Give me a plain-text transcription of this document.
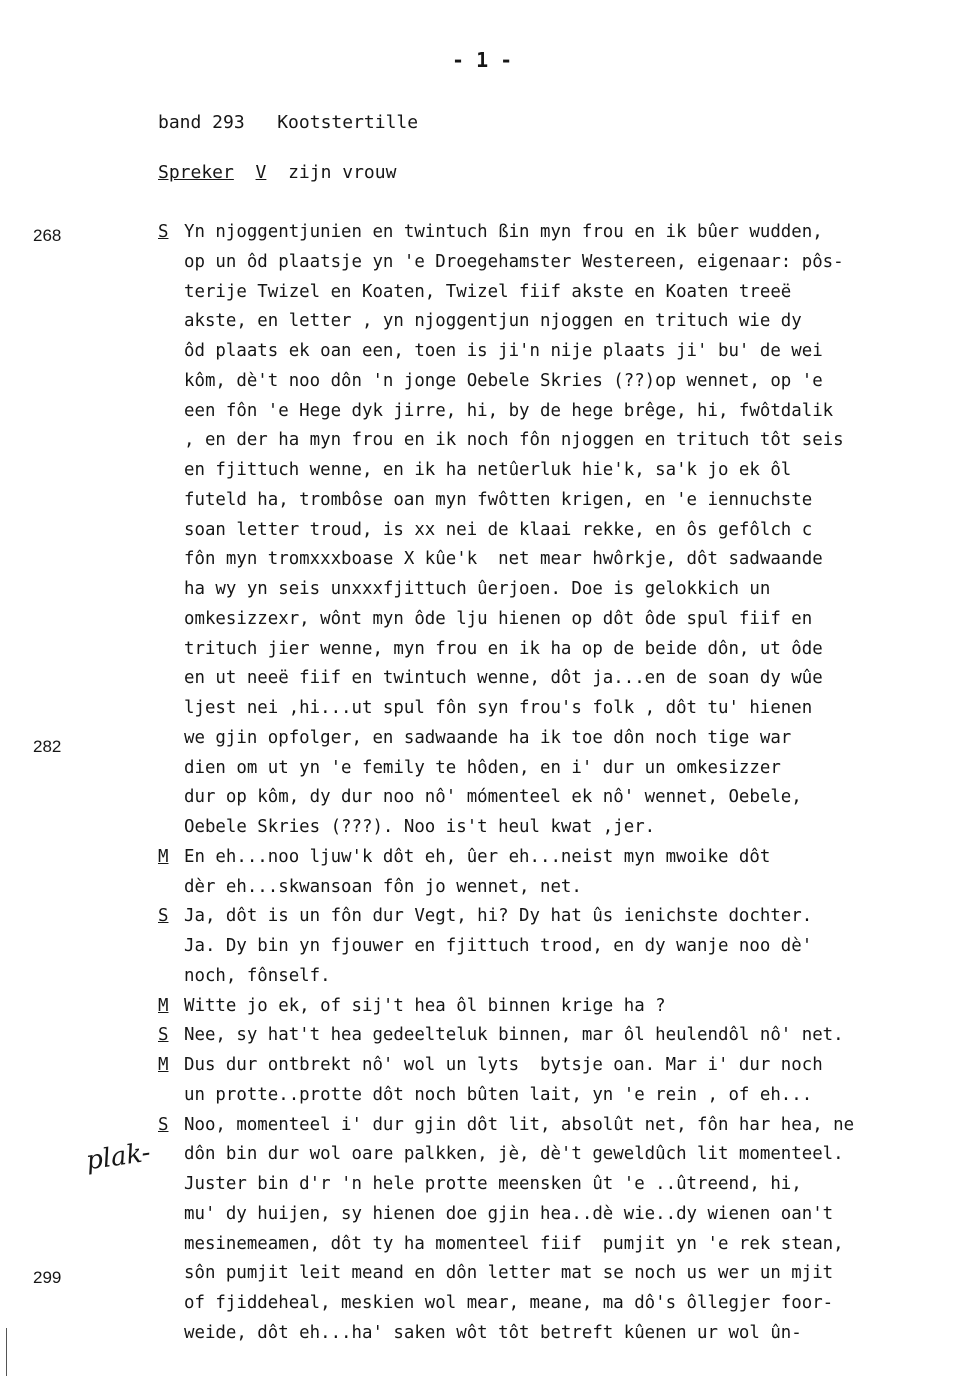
- 1 -
band 293 Kootstertille
Spreker V zijn vrouw
268
282
299
plak-
S Yn njoggentjunien en twintuch ßin myn frou en ik bûer wudden,
op un ôd plaatsje yn 'e Droegehamster Westereen, eigenaar: pôs-
terije Twizel en Koaten, Twizel fiif akste en Koaten treeë
akste, en letter , yn njoggentjun njoggen en trituch wie dy
ôd plaats ek oan een, toen is ji'n nije plaats ji' bu' de wei
kôm, dè't noo dôn 'n jonge Oebele Skries (??)op wennet, op 'e
een fôn 'e Hege dyk jirre, hi, by de hege brêge, hi, fwôtdalik
, en der ha myn frou en ik noch fôn njoggen en trituch tôt seis
en fjittuch wenne, en ik ha netûerluk hie'k, sa'k jo ek ôl
futeld ha, trombôse oan myn fwôtten krigen, en 'e iennuchste
soan letter troud, is xx nei de klaai rekke, en ôs gefôlch c
fôn myn tromxxxboase X kûe'k  net mear hwôrkje, dôt sadwaande
ha wy yn seis unxxxfjittuch ûerjoen. Doe is gelokkich un
omkesizzexr, wônt myn ôde lju hienen op dôt ôde spul fiif en
trituch jier wenne, myn frou en ik ha op de beide dôn, ut ôde
en ut neeë fiif en twintuch wenne, dôt ja...en de soan dy wûe
ljest nei ,hi...ut spul fôn syn frou's folk , dôt tu' hienen
we gjin opfolger, en sadwaande ha ik toe dôn noch tige war
dien om ut yn 'e femily te hôden, en i' dur un omkesizzer
dur op kôm, dy dur noo nô' mómenteel ek nô' wennet, Oebele,
Oebele Skries (???). Noo is't heul kwat ,jer.
M En eh...noo ljuw'k dôt eh, ûer eh...neist myn mwoike dôt
dèr eh...skwansoan fôn jo wennet, net.
S Ja, dôt is un fôn dur Vegt, hi? Dy hat ûs ienichste dochter.
Ja. Dy bin yn fjouwer en fjittuch trood, en dy wanje noo dè'
noch, fônself.
M Witte jo ek, of sij't hea ôl binnen krige ha ?
S Nee, sy hat't hea gedeelteluk binnen, mar ôl heulendôl nô' net.
M Dus dur ontbrekt nô' wol un lyts  bytsje oan. Mar i' dur noch
un protte..protte dôt noch bûten lait, yn 'e rein , of eh...
S Noo, momenteel i' dur gjin dôt lit, absolût net, fôn har hea, ne
dôn bin dur wol oare palkken, jè, dè't geweldûch lit momenteel.
Juster bin d'r 'n hele protte meensken ût 'e ..ûtreend, hi,
mu' dy huijen, sy hienen doe gjin hea..dè wie..dy wienen oan't
mesinemeamen, dôt ty ha momenteel fiif  pumjit yn 'e rek stean,
sôn pumjit leit meand en dôn letter mat se noch us wer un mjit
of fjiddeheal, meskien wol mear, meane, ma dô's ôllegjer foor-
weide, dôt eh...ha' saken wôt tôt betreft kûenen ur wol ûn-
